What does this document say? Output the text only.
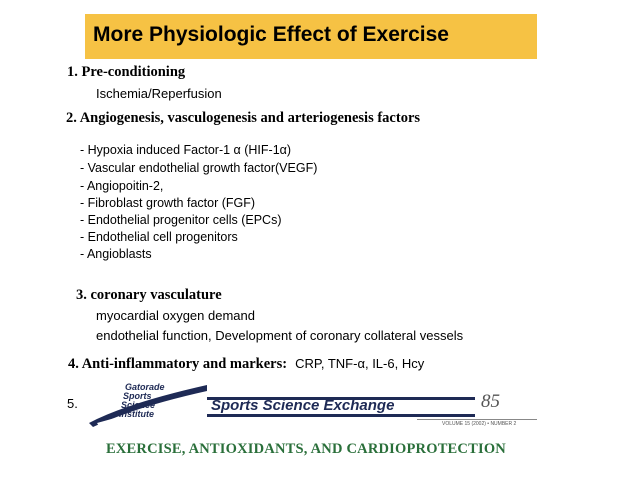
More Physiologic Effect of Exercise
1. Pre-conditioning
Ischemia/Reperfusion
2. Angiogenesis, vasculogenesis and arteriogenesis factors
- Hypoxia induced Factor-1 α (HIF-1α)
- Vascular endothelial growth factor(VEGF)
- Angiopoitin-2,
- Fibroblast growth factor (FGF)
- Endothelial progenitor cells (EPCs)
- Endothelial cell progenitors
- Angioblasts
3. coronary vasculature
myocardial oxygen demand
endothelial function, Development of coronary collateral vessels
4. Anti-inflammatory and markers: CRP, TNF-α, IL-6, Hcy
5.
Gatorade
Sports
Science
Institute	Sports Science Exchange	85
VOLUME 15 (2002) • NUMBER 2
EXERCISE, ANTIOXIDANTS, AND CARDIOPROTECTION
